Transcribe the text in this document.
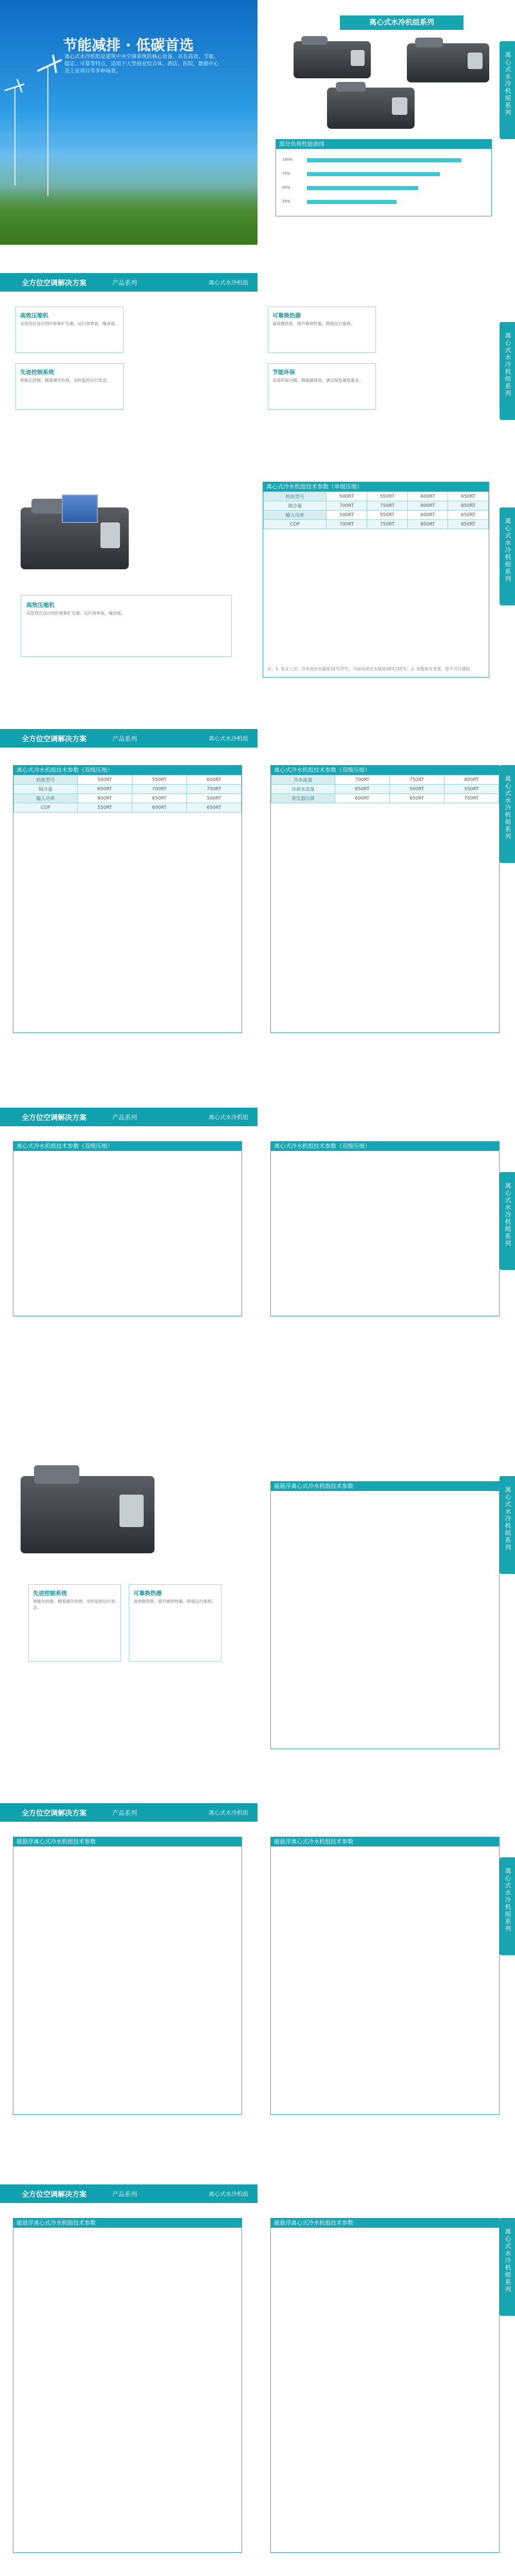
节能减排 · 低碳首选
离心式水冷机组是建筑中央空调系统的核心设备，具有高效、节能、稳定、可靠等特点，适用于大型商业综合体、酒店、医院、数据中心及工业项目等多种场景。
离心式水冷机组系列
部分负荷性能曲线
100%
75%
50%
25%
离心式水冷机组系列
全方位空调解决方案	产品系列	离心式水冷机组
高效压缩机
采用优化设计的叶轮和扩压器，运行效率高，噪音低。
先进控制系统
智能化控制，精准调节负荷，实时监控运行状态。
可靠换热器
高效换热管，提升换热性能，降低运行能耗。
节能环保
采用环保冷媒，降低碳排放，满足绿色建筑要求。	离心式水冷机组系列
高效压缩机
采用优化设计的叶轮和扩压器，运行效率高，噪音低。
离心式冷水机组技术参数（单级压缩）
机组型号	500RT	550RT	600RT	650RT
制冷量	700RT	750RT	800RT	850RT
输入功率	500RT	550RT	600RT	650RT
COP	700RT	750RT	800RT	850RT
注：1. 名义工况：冷水进出水温度12℃/7℃，冷却水进出水温度30℃/35℃。2. 参数如有变更，恕不另行通知。
离心式水冷机组系列
全方位空调解决方案	产品系列	离心式水冷机组
离心式冷水机组技术参数（双级压缩）
机组型号	500RT	550RT	600RT
制冷量	650RT	700RT	750RT
输入功率	800RT	850RT	500RT
COP	550RT	600RT	650RT
离心式冷水机组技术参数（双级压缩）
冷水流量	700RT	750RT	800RT
冷却水流量	850RT	500RT	550RT
蒸发器压降	600RT	650RT	700RT	离心式水冷机组系列
全方位空调解决方案	产品系列	离心式水冷机组
离心式冷水机组技术参数（双级压缩）	离心式冷水机组技术参数（双级压缩）
离心式水冷机组系列
先进控制系统
智能化控制，精准调节负荷，实时监控运行状态。
可靠换热器
高效换热管，提升换热性能，降低运行能耗。
磁悬浮离心式冷水机组技术参数
离心式水冷机组系列
全方位空调解决方案	产品系列	离心式水冷机组
磁悬浮离心式冷水机组技术参数	磁悬浮离心式冷水机组技术参数
离心式水冷机组系列
全方位空调解决方案	产品系列	离心式水冷机组
磁悬浮离心式冷水机组技术参数	磁悬浮离心式冷水机组技术参数
离心式水冷机组系列
